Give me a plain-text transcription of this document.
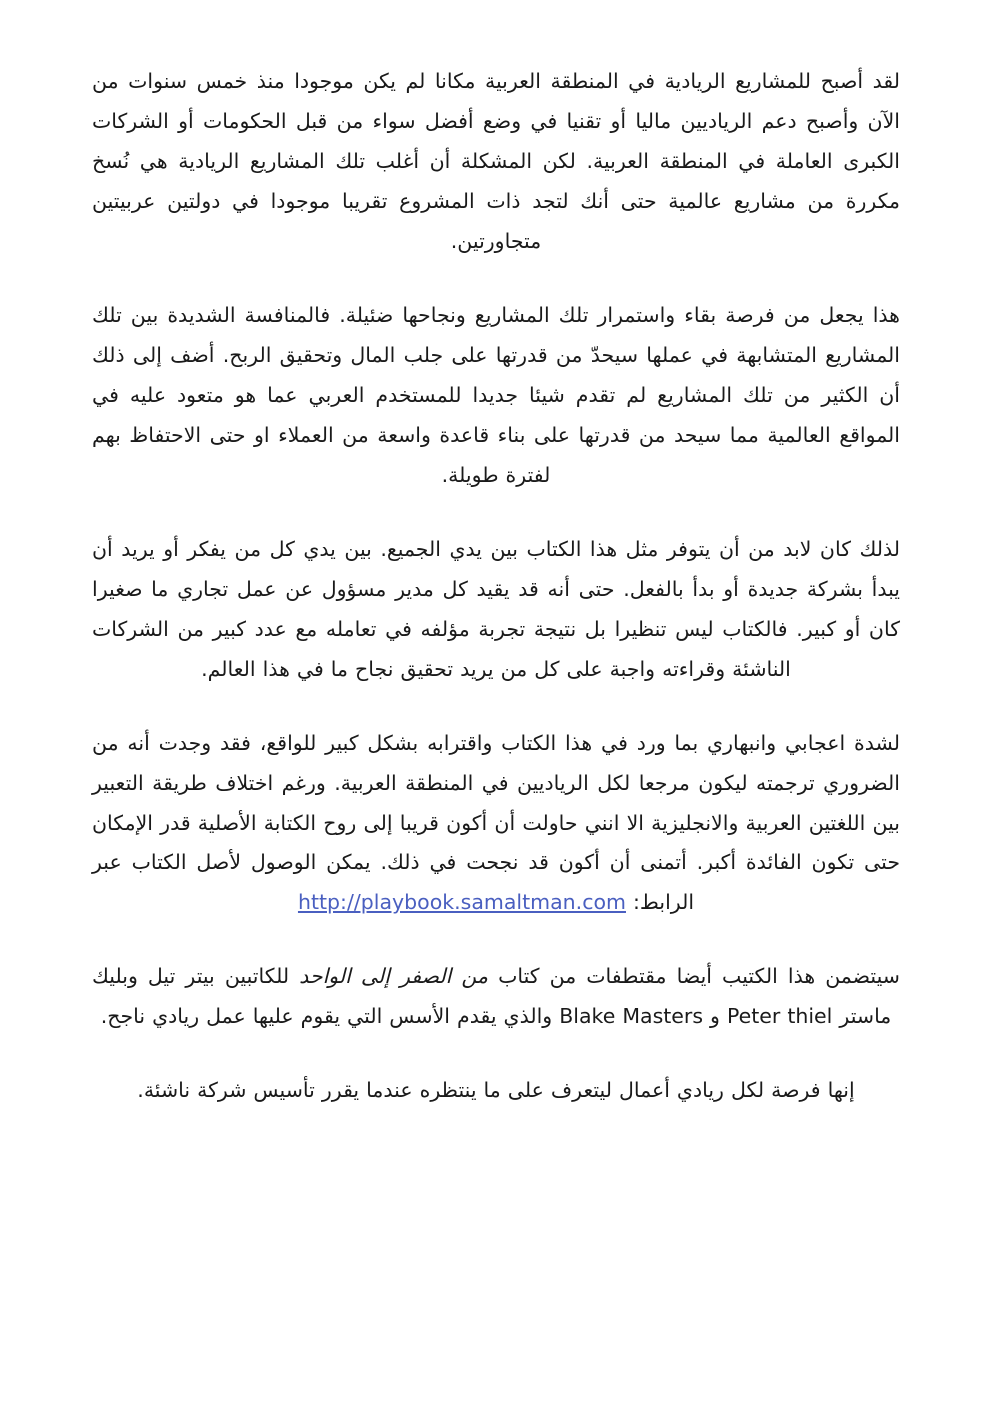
لقد أصبح للمشاريع الريادية في المنطقة العربية مكانا لم يكن موجودا منذ خمس سنوات من الآن وأصبح دعم الرياديين ماليا أو تقنيا في وضع أفضل سواء من قبل الحكومات أو الشركات الكبرى العاملة في المنطقة العربية. لكن المشكلة أن أغلب تلك المشاريع الريادية هي نُسخ مكررة من مشاريع عالمية حتى أنك لتجد ذات المشروع تقريبا موجودا في دولتين عربيتين متجاورتين.

هذا يجعل من فرصة بقاء واستمرار تلك المشاريع ونجاحها ضئيلة. فالمنافسة الشديدة بين تلك المشاريع المتشابهة في عملها سيحدّ من قدرتها على جلب المال وتحقيق الربح. أضف إلى ذلك أن الكثير من تلك المشاريع لم تقدم شيئا جديدا للمستخدم العربي عما هو متعود عليه في المواقع العالمية مما سيحد من قدرتها على بناء قاعدة واسعة من العملاء او حتى الاحتفاظ بهم لفترة طويلة.

لذلك كان لابد من أن يتوفر مثل هذا الكتاب بين يدي الجميع. بين يدي كل من يفكر أو يريد أن يبدأ بشركة جديدة أو بدأ بالفعل. حتى أنه قد يقيد كل مدير مسؤول عن عمل تجاري ما صغيرا كان أو كبير. فالكتاب ليس تنظيرا بل نتيجة تجربة مؤلفه في تعامله مع عدد كبير من الشركات الناشئة وقراءته واجبة على كل من يريد تحقيق نجاح ما في هذا العالم.

لشدة اعجابي وانبهاري بما ورد في هذا الكتاب واقترابه بشكل كبير للواقع، فقد وجدت أنه من الضروري ترجمته ليكون مرجعا لكل الرياديين في المنطقة العربية. ورغم اختلاف طريقة التعبير بين اللغتين العربية والانجليزية الا انني حاولت أن أكون قريبا إلى روح الكتابة الأصلية قدر الإمكان حتى تكون الفائدة أكبر. أتمنى أن أكون قد نجحت في ذلك. يمكن الوصول لأصل الكتاب عبر الرابط: http://playbook.samaltman.com

سيتضمن هذا الكتيب أيضا مقتطفات من كتاب من الصفر إلى الواحد للكاتبين بيتر تيل وبليك ماستر Peter thiel و Blake Masters والذي يقدم الأسس التي يقوم عليها عمل ريادي ناجح.

إنها فرصة لكل ريادي أعمال ليتعرف على ما ينتظره عندما يقرر تأسيس شركة ناشئة.
